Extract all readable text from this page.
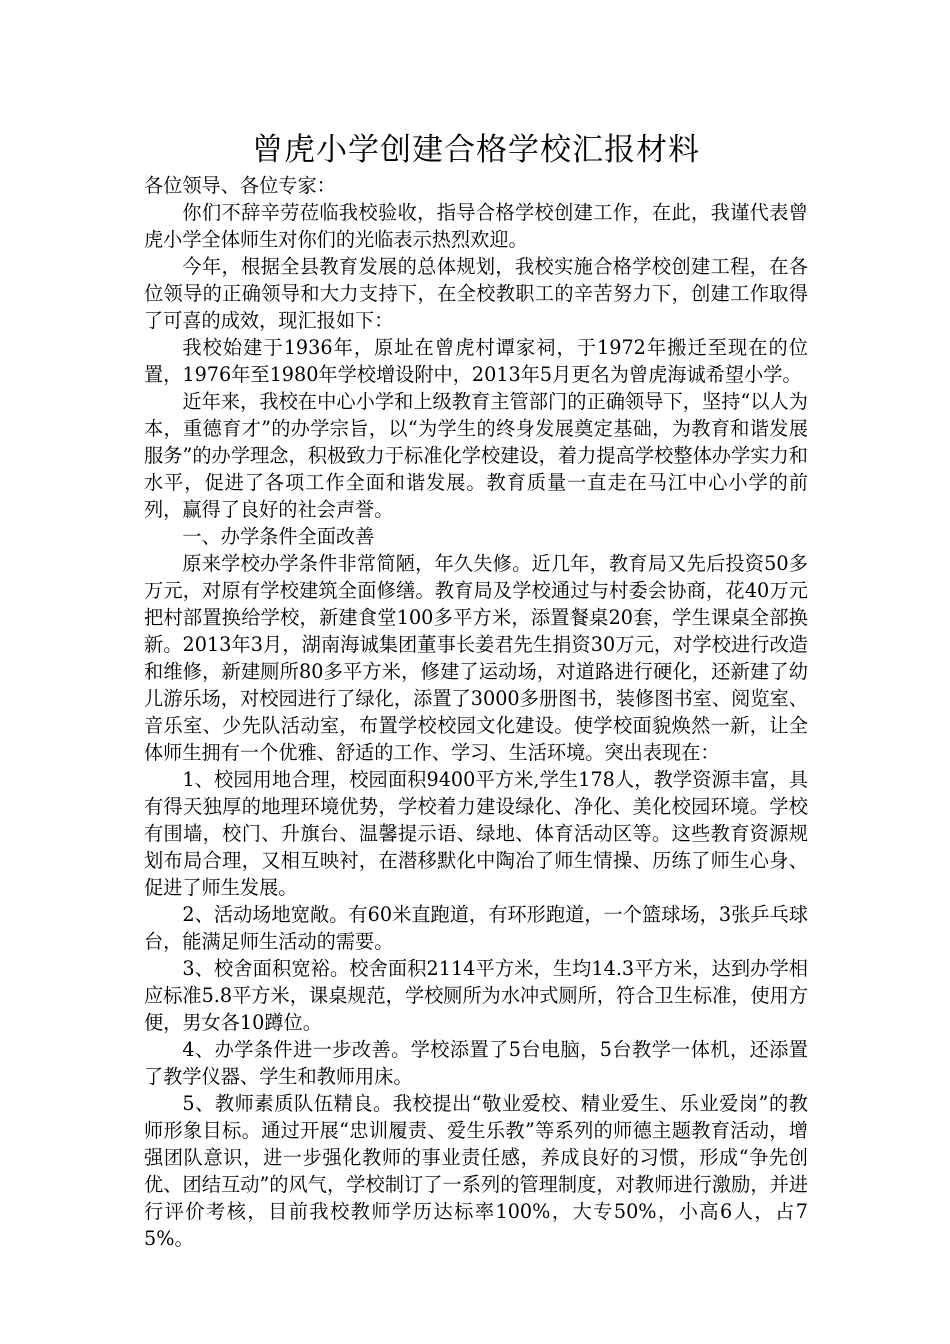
曾虎小学创建合格学校汇报材料

各位领导、各位专家：

你们不辞辛劳莅临我校验收，指导合格学校创建工作，在此，我谨代表曾虎小学全体师生对你们的光临表示热烈欢迎。

今年，根据全县教育发展的总体规划，我校实施合格学校创建工程，在各位领导的正确领导和大力支持下，在全校教职工的辛苦努力下，创建工作取得了可喜的成效，现汇报如下：

我校始建于1936年，原址在曾虎村谭家祠，于1972年搬迁至现在的位置，1976年至1980年学校增设附中，2013年5月更名为曾虎海诚希望小学。

近年来，我校在中心小学和上级教育主管部门的正确领导下，坚持“以人为本，重德育才”的办学宗旨，以“为学生的终身发展奠定基础，为教育和谐发展服务”的办学理念，积极致力于标准化学校建设，着力提高学校整体办学实力和水平，促进了各项工作全面和谐发展。教育质量一直走在马江中心小学的前列，赢得了良好的社会声誉。

一、办学条件全面改善

原来学校办学条件非常简陋，年久失修。近几年，教育局又先后投资50多万元，对原有学校建筑全面修缮。教育局及学校通过与村委会协商，花40万元把村部置换给学校，新建食堂100多平方米，添置餐桌20套，学生课桌全部换新。2013年3月，湖南海诚集团董事长姜君先生捐资30万元，对学校进行改造和维修，新建厕所80多平方米，修建了运动场，对道路进行硬化，还新建了幼儿游乐场，对校园进行了绿化，添置了3000多册图书，装修图书室、阅览室、音乐室、少先队活动室，布置学校校园文化建设。使学校面貌焕然一新，让全体师生拥有一个优雅、舒适的工作、学习、生活环境。突出表现在：

1、校园用地合理，校园面积9400平方米,学生178人，教学资源丰富，具有得天独厚的地理环境优势，学校着力建设绿化、净化、美化校园环境。学校有围墙，校门、升旗台、温馨提示语、绿地、体育活动区等。这些教育资源规划布局合理，又相互映衬，在潜移默化中陶冶了师生情操、历练了师生心身、促进了师生发展。

2、活动场地宽敞。有60米直跑道，有环形跑道，一个篮球场，3张乒乓球台，能满足师生活动的需要。

3、校舍面积宽裕。校舍面积2114平方米，生均14.3平方米，达到办学相应标准5.8平方米，课桌规范，学校厕所为水冲式厕所，符合卫生标准，使用方便，男女各10蹲位。

4、办学条件进一步改善。学校添置了5台电脑，5台教学一体机，还添置了教学仪器、学生和教师用床。

5、教师素质队伍精良。我校提出“敬业爱校、精业爱生、乐业爱岗”的教师形象目标。通过开展“忠训履责、爱生乐教”等系列的师德主题教育活动，增强团队意识，进一步强化教师的事业责任感，养成良好的习惯，形成“争先创优、团结互动”的风气，学校制订了一系列的管理制度，对教师进行激励，并进行评价考核，目前我校教师学历达标率100%，大专50%，小高6人，占75%。
